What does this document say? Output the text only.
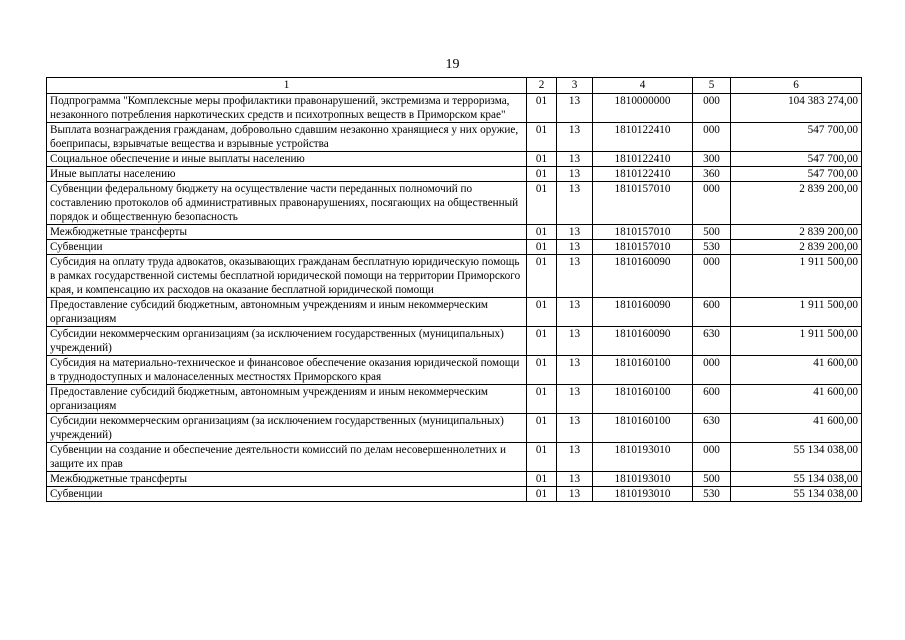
19
1	2	3	4	5	6
Подпрограмма "Комплексные меры профилактики правонарушений, экстремизма и терроризма, незаконного потребления наркотических средств и психотропных веществ в Приморском крае"	01	13	1810000000	000	104 383 274,00
Выплата вознаграждения гражданам, добровольно сдавшим незаконно хранящиеся у них оружие, боеприпасы, взрывчатые вещества и взрывные устройства	01	13	1810122410	000	547 700,00
Социальное обеспечение и иные выплаты населению	01	13	1810122410	300	547 700,00
Иные выплаты населению	01	13	1810122410	360	547 700,00
Субвенции федеральному бюджету на осуществление части переданных полномочий по составлению протоколов об административных правонарушениях, посягающих на общественный порядок и общественную безопасность	01	13	1810157010	000	2 839 200,00
Межбюджетные трансферты	01	13	1810157010	500	2 839 200,00
Субвенции	01	13	1810157010	530	2 839 200,00
Субсидия на оплату труда адвокатов, оказывающих гражданам бесплатную юридическую помощь в рамках государственной системы бесплатной юридической помощи на территории Приморского края, и компенсацию их расходов на оказание бесплатной юридической помощи	01	13	1810160090	000	1 911 500,00
Предоставление субсидий бюджетным, автономным учреждениям и иным некоммерческим организациям	01	13	1810160090	600	1 911 500,00
Субсидии некоммерческим организациям (за исключением государственных (муниципальных) учреждений)	01	13	1810160090	630	1 911 500,00
Субсидия на материально-техническое и финансовое обеспечение оказания юридической помощи в труднодоступных и малонаселенных местностях Приморского края	01	13	1810160100	000	41 600,00
Предоставление субсидий бюджетным, автономным учреждениям и иным некоммерческим организациям	01	13	1810160100	600	41 600,00
Субсидии некоммерческим организациям (за исключением государственных (муниципальных) учреждений)	01	13	1810160100	630	41 600,00
Субвенции на создание и обеспечение деятельности комиссий по делам несовершеннолетних и защите их прав	01	13	1810193010	000	55 134 038,00
Межбюджетные трансферты	01	13	1810193010	500	55 134 038,00
Субвенции	01	13	1810193010	530	55 134 038,00
